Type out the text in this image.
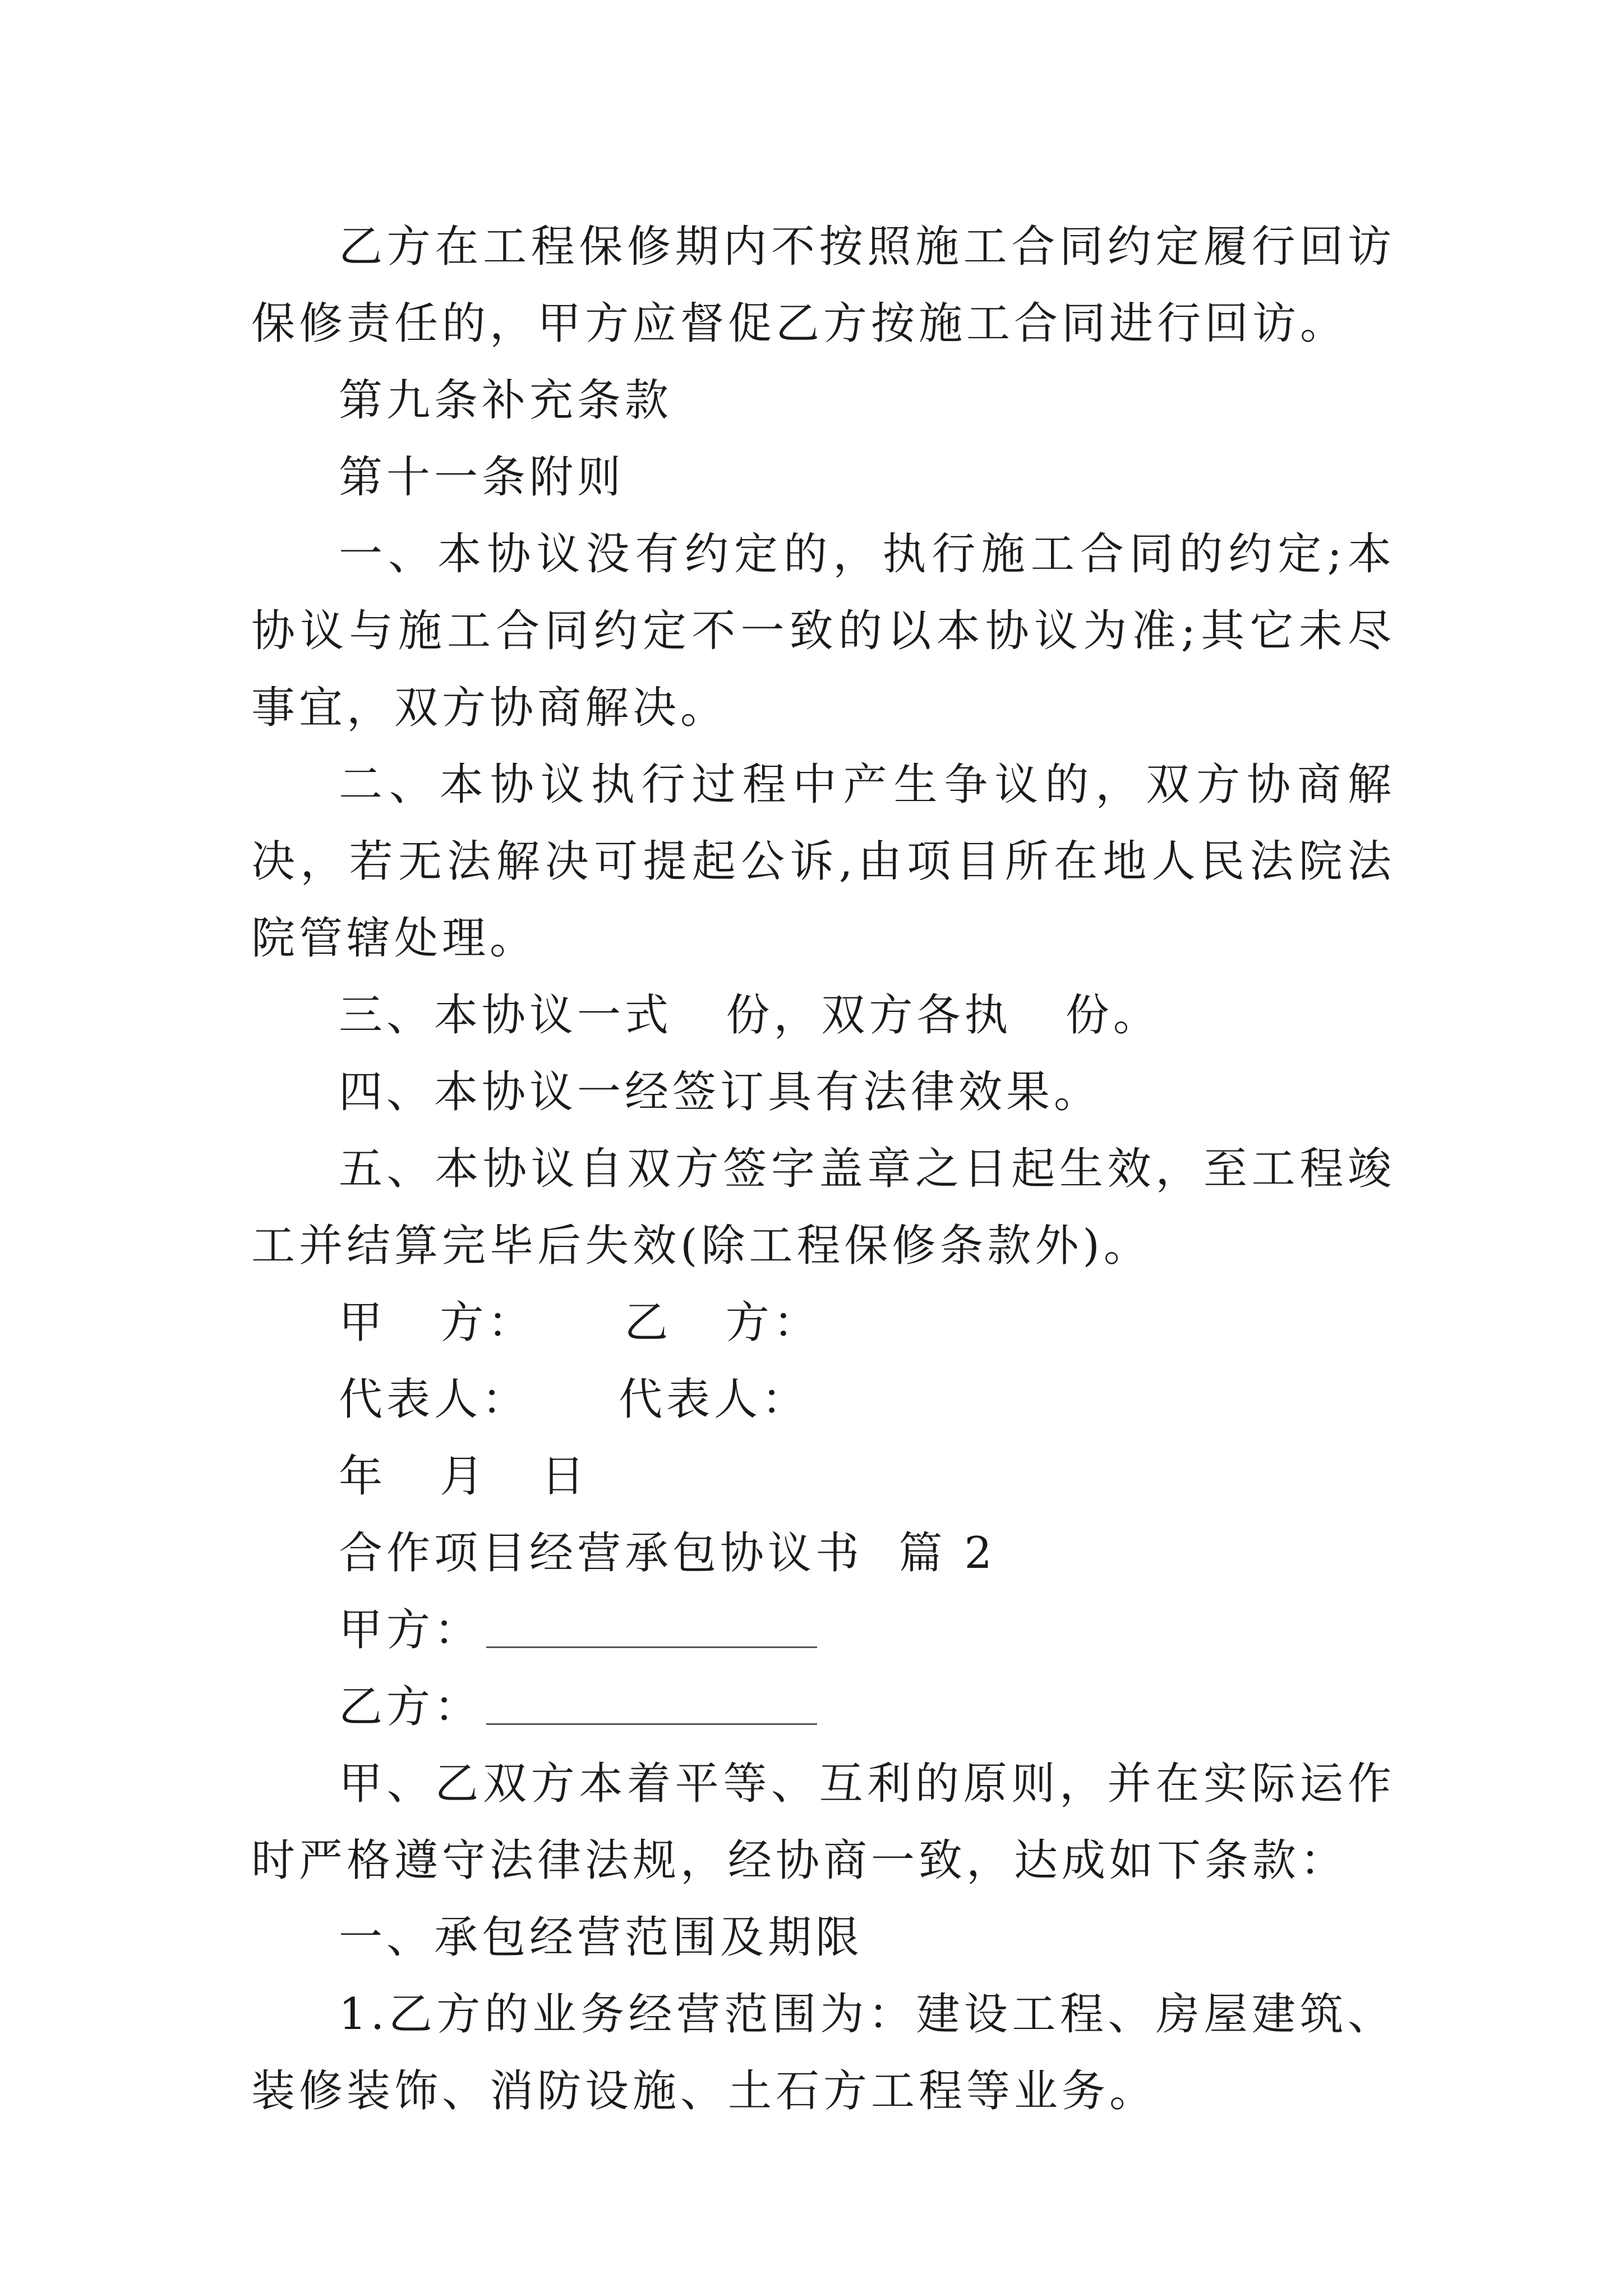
乙方在工程保修期内不按照施工合同约定履行回访保修责任的，甲方应督促乙方按施工合同进行回访。

第九条补充条款

第十一条附则

一、本协议没有约定的，执行施工合同的约定;本协议与施工合同约定不一致的以本协议为准;其它未尽事宜，双方协商解决。

二、本协议执行过程中产生争议的，双方协商解决，若无法解决可提起公诉,由项目所在地人民法院法院管辖处理。

三、本协议一式   份，双方各执   份。

四、本协议一经签订具有法律效果。

五、本协议自双方签字盖章之日起生效，至工程竣工并结算完毕后失效(除工程保修条款外)。

甲   方：     乙   方：

代表人：     代表人：

年   月   日

合作项目经营承包协议书  篇 2

甲方：

乙方：

甲、乙双方本着平等、互利的原则，并在实际运作时严格遵守法律法规，经协商一致，达成如下条款：

一、承包经营范围及期限

1.乙方的业务经营范围为：建设工程、房屋建筑、装修装饰、消防设施、土石方工程等业务。
